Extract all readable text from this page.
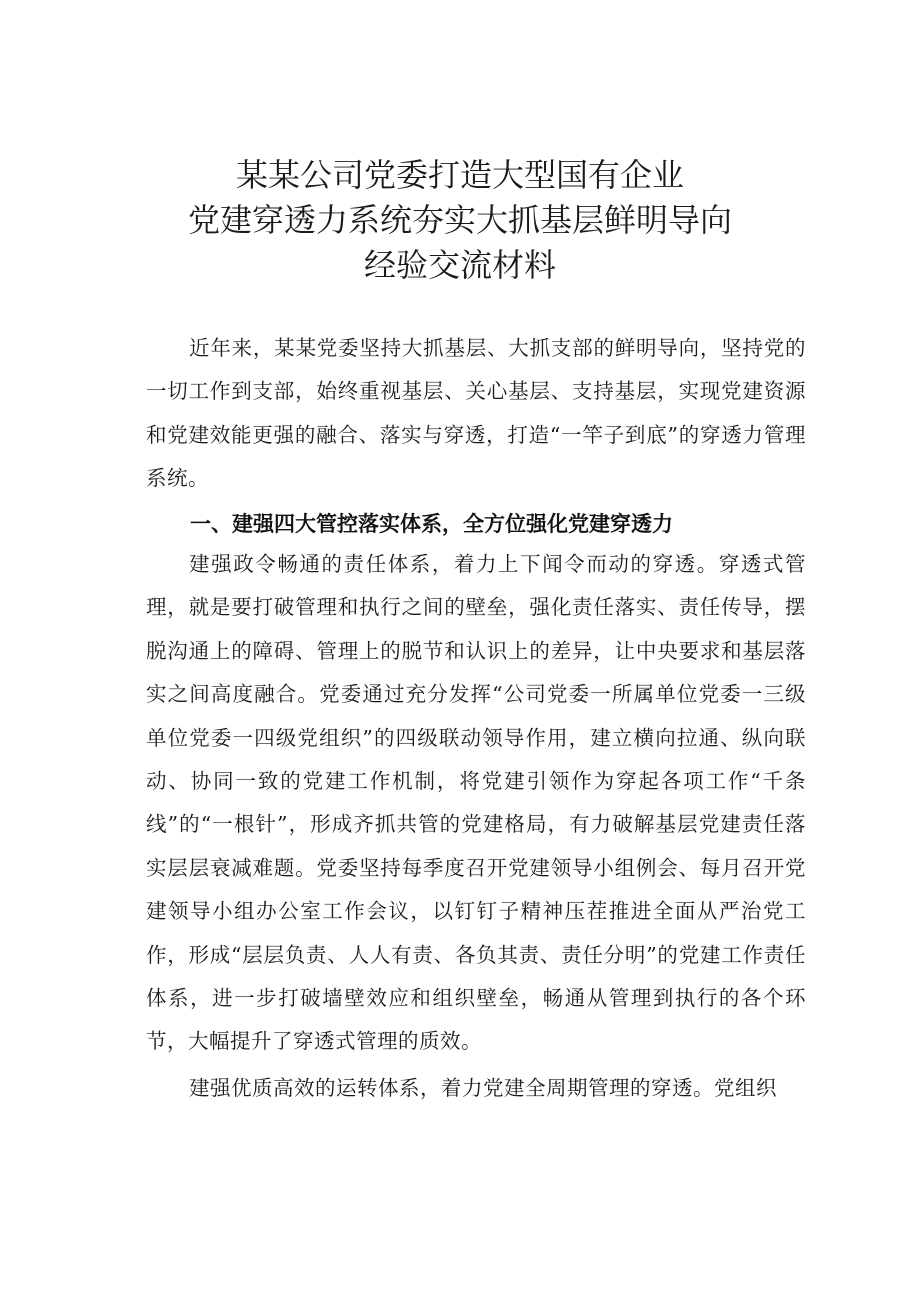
某某公司党委打造大型国有企业
党建穿透力系统夯实大抓基层鲜明导向
经验交流材料
近年来，某某党委坚持大抓基层、大抓支部的鲜明导向，坚持党的一切工作到支部，始终重视基层、关心基层、支持基层，实现党建资源和党建效能更强的融合、落实与穿透，打造“一竿子到底”的穿透力管理系统。
一、建强四大管控落实体系，全方位强化党建穿透力
建强政令畅通的责任体系，着力上下闻令而动的穿透。穿透式管理，就是要打破管理和执行之间的壁垒，强化责任落实、责任传导，摆脱沟通上的障碍、管理上的脱节和认识上的差异，让中央要求和基层落实之间高度融合。党委通过充分发挥“公司党委一所属单位党委一三级单位党委一四级党组织”的四级联动领导作用，建立横向拉通、纵向联动、协同一致的党建工作机制，将党建引领作为穿起各项工作“千条线”的“一根针”，形成齐抓共管的党建格局，有力破解基层党建责任落实层层衰减难题。党委坚持每季度召开党建领导小组例会、每月召开党建领导小组办公室工作会议，以钉钉子精神压茬推进全面从严治党工作，形成“层层负责、人人有责、各负其责、责任分明”的党建工作责任体系，进一步打破墙壁效应和组织壁垒，畅通从管理到执行的各个环节，大幅提升了穿透式管理的质效。
建强优质高效的运转体系，着力党建全周期管理的穿透。党组织
